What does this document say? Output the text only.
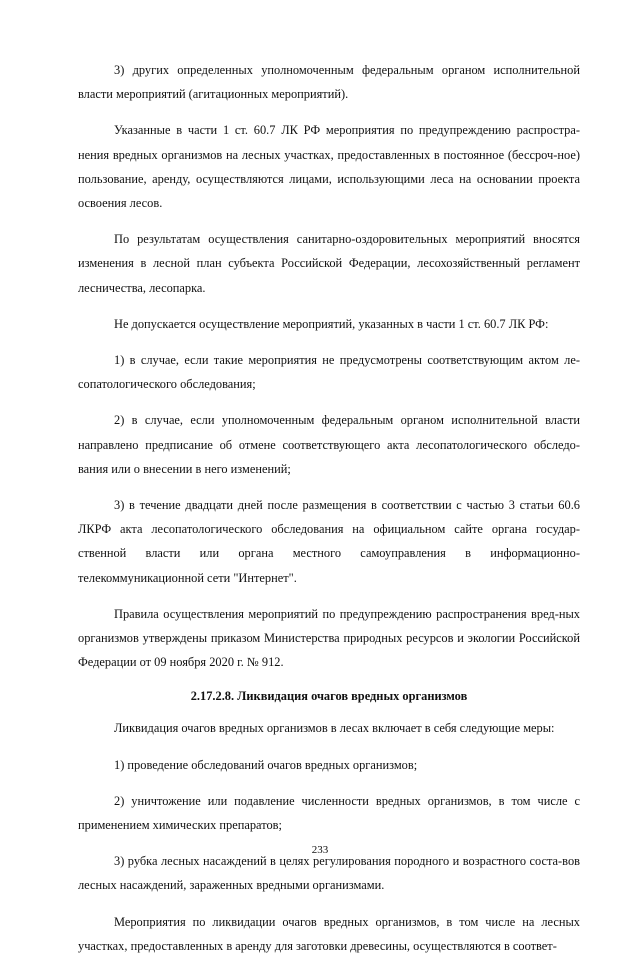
3) других определенных уполномоченным федеральным органом исполнительной власти мероприятий (агитационных мероприятий).

Указанные в части 1 ст. 60.7 ЛК РФ мероприятия по предупреждению распростра-нения вредных организмов на лесных участках, предоставленных в постоянное (бессроч-ное) пользование, аренду, осуществляются лицами, использующими леса на основании проекта освоения лесов.

По результатам осуществления санитарно-оздоровительных мероприятий вносятся изменения в лесной план субъекта Российской Федерации, лесохозяйственный регламент лесничества, лесопарка.

Не допускается осуществление мероприятий, указанных в части 1 ст. 60.7 ЛК РФ:

1) в случае, если такие мероприятия не предусмотрены соответствующим актом ле-сопатологического обследования;

2) в случае, если уполномоченным федеральным органом исполнительной власти направлено предписание об отмене соответствующего акта лесопатологического обследо-вания или о внесении в него изменений;

3) в течение двадцати дней после размещения в соответствии с частью 3 статьи 60.6 ЛКРФ акта лесопатологического обследования на официальном сайте органа государ-ственной власти или органа местного самоуправления в информационно-телекоммуникационной сети "Интернет".

Правила осуществления мероприятий по предупреждению распространения вред-ных организмов утверждены приказом Министерства природных ресурсов и экологии Российской Федерации от 09 ноября 2020 г. № 912.

2.17.2.8. Ликвидация очагов вредных организмов

Ликвидация очагов вредных организмов в лесах включает в себя следующие меры:

1) проведение обследований очагов вредных организмов;

2) уничтожение или подавление численности вредных организмов, в том числе с применением химических препаратов;

3) рубка лесных насаждений в целях регулирования породного и возрастного соста-вов лесных насаждений, зараженных вредными организмами.

Мероприятия по ликвидации очагов вредных организмов, в том числе на лесных участках, предоставленных в аренду для заготовки древесины, осуществляются в соответ-

233
